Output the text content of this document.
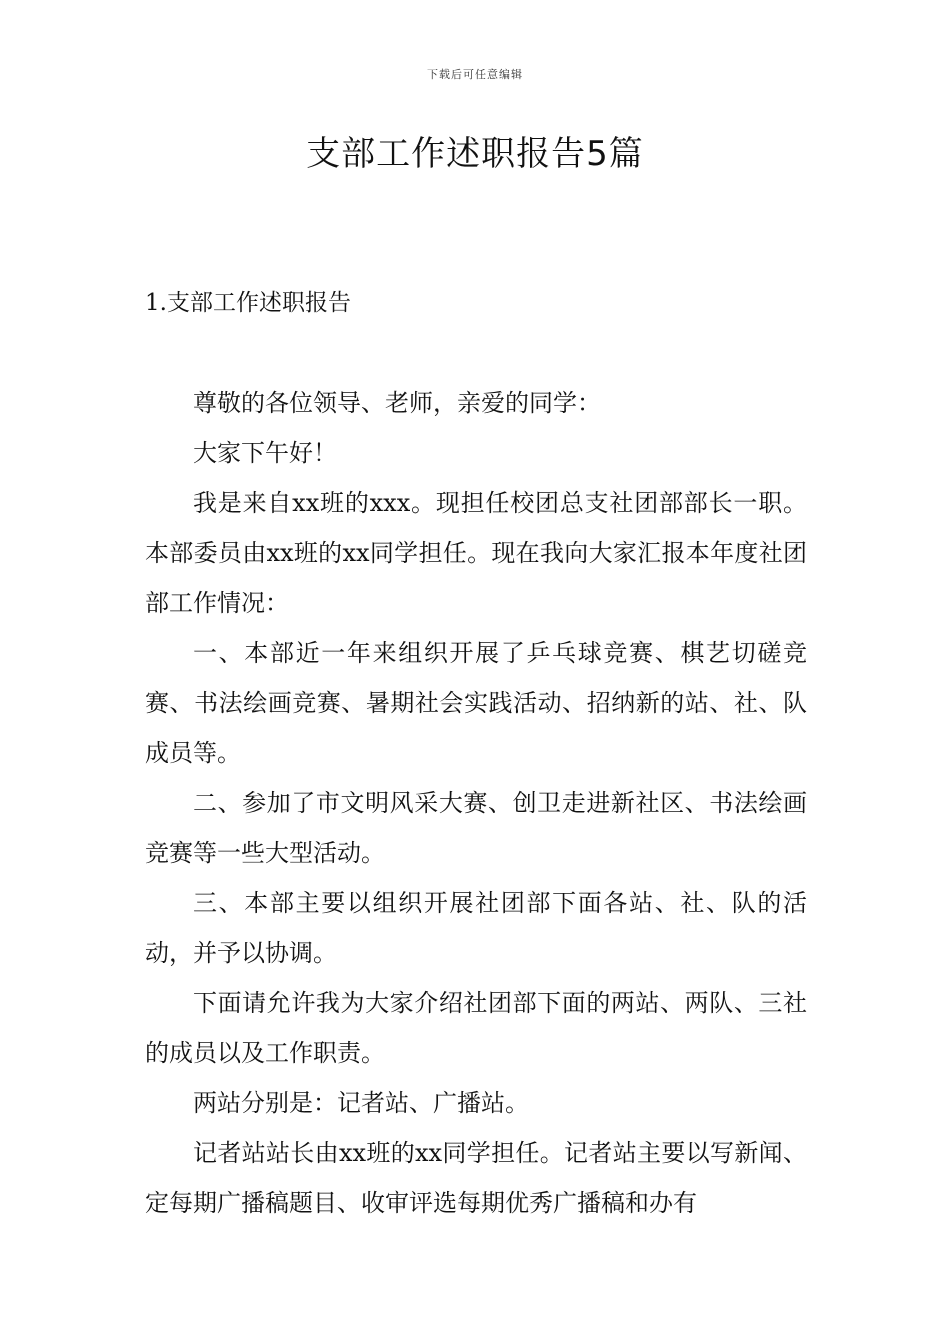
下载后可任意编辑
支部工作述职报告5篇
1.支部工作述职报告

尊敬的各位领导、老师，亲爱的同学：

大家下午好！

我是来自xx班的xxx。现担任校团总支社团部部长一职。本部委员由xx班的xx同学担任。现在我向大家汇报本年度社团部工作情况：

一、本部近一年来组织开展了乒乓球竞赛、棋艺切磋竞赛、书法绘画竞赛、暑期社会实践活动、招纳新的站、社、队成员等。

二、参加了市文明风采大赛、创卫走进新社区、书法绘画竞赛等一些大型活动。

三、本部主要以组织开展社团部下面各站、社、队的活动，并予以协调。

下面请允许我为大家介绍社团部下面的两站、两队、三社的成员以及工作职责。

两站分别是：记者站、广播站。

记者站站长由xx班的xx同学担任。记者站主要以写新闻、定每期广播稿题目、收审评选每期优秀广播稿和办有
